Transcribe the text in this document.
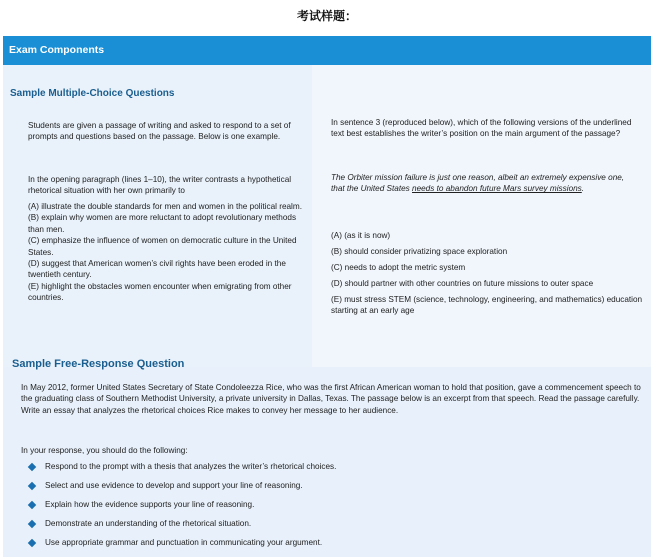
考试样题：
Exam Components
Students are given a passage of writing and asked to respond to a set of prompts and questions based on the passage. Below is one example.
In the opening paragraph (lines 1–10), the writer contrasts a hypothetical rhetorical situation with her own primarily to
(A) illustrate the double standards for men and women in the political realm.
(B) explain why women are more reluctant to adopt revolutionary methods than men.
(C) emphasize the influence of women on democratic culture in the United States.
(D) suggest that American women’s civil rights have been eroded in the twentieth century.
(E) highlight the obstacles women encounter when emigrating from other countries.
In sentence 3 (reproduced below), which of the following versions of the underlined text best establishes the writer’s position on the main argument of the passage?
The Orbiter mission failure is just one reason, albeit an extremely expensive one, that the United States needs to abandon future Mars survey missions.
(A) (as it is now)
(B) should consider privatizing space exploration
(C) needs to adopt the metric system
(D) should partner with other countries on future missions to outer space
(E) must stress STEM (science, technology, engineering, and mathematics) education starting at an early age
Sample Multiple-Choice Questions
Sample Free-Response Question
In May 2012, former United States Secretary of State Condoleezza Rice, who was the first African American woman to hold that position, gave a commencement speech to the graduating class of Southern Methodist University, a private university in Dallas, Texas. The passage below is an excerpt from that speech. Read the passage carefully. Write an essay that analyzes the rhetorical choices Rice makes to convey her message to her audience.
In your response, you should do the following:
Respond to the prompt with a thesis that analyzes the writer’s rhetorical choices.
Select and use evidence to develop and support your line of reasoning.
Explain how the evidence supports your line of reasoning.
Demonstrate an understanding of the rhetorical situation.
Use appropriate grammar and punctuation in communicating your argument.
